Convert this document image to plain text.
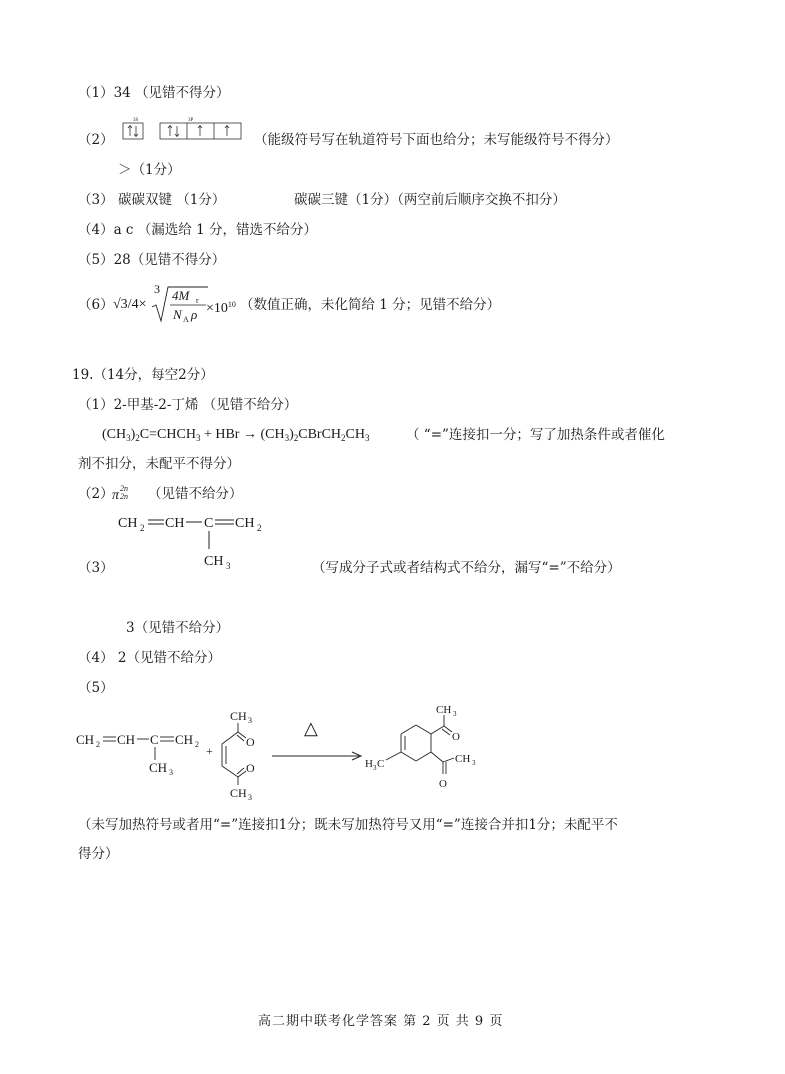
（1）34 （见错不得分）
（2）
3S	3P
（能级符号写在轨道符号下面也给分；未写能级符号不得分）
＞（1分）
（3） 碳碳双键 （1分）	碳碳三键（1分）（两空前后顺序交换不扣分）
（4）a c （漏选给 1 分，错选不给分）
（5）28（见错不得分）
（6） √3/4×
3 4M r
N A $\rho \times 10^{10}$ （数值正确，未化简给 1 分；见错不给分）
19.（14分，每空2分）
（1）2-甲基-2-丁烯 （见错不给分）
$(CH_3)_2C=CHCH_3$ + HBr → $(CH_3)_2CBrCH_2CH_3$	（ “=”连接扣一分；写了加热条件或者催化
剂不扣分，未配平不得分）
（2）
π 2n
2n （见错不给分）
CH 2 CH C CH 2
CH 3
（3）	（写成分子式或者结构式不给分，漏写“=”不给分）
3（见错不给分）
（4） 2（见错不给分）
（5）
CH 2 CH C CH 2
CH 3
+
CH 3
O
O
CH 3
△
H 3 C
CH 3
O
CH 3
O
（未写加热符号或者用“=”连接扣1分；既未写加热符号又用“=”连接合并扣1分；未配平不
得分）
高二期中联考化学答案 第 2 页 共 9 页
